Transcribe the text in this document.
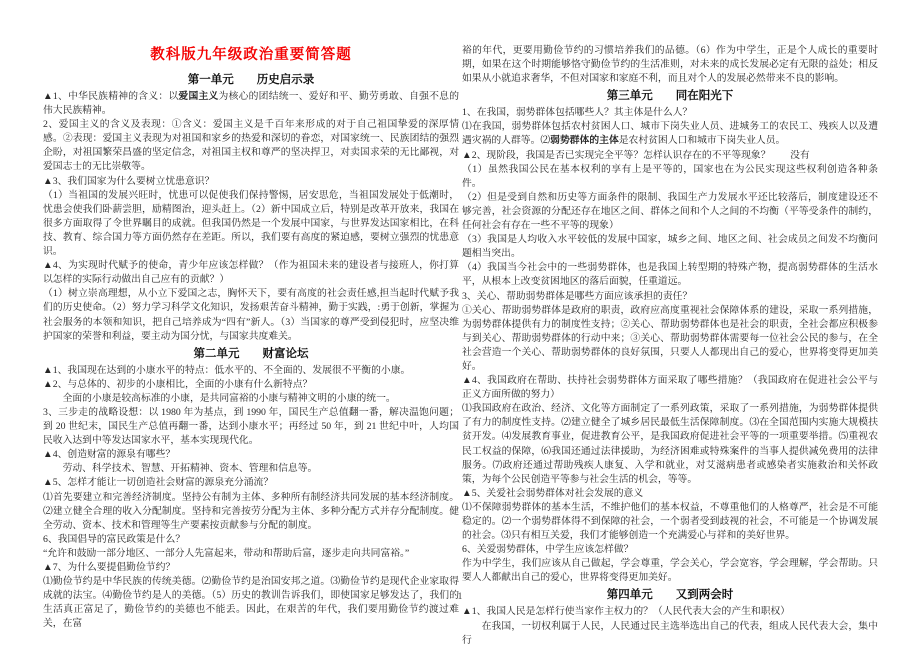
教科版九年级政治重要简答题
第一单元　　历史启示录

▲1、中华民族精神的含义：以爱国主义为核心的团结统一、爱好和平、勤劳勇敢、自强不息的伟大民族精神。

2、爱国主义的含义及表现：①含义：爱国主义是千百年来形成的对于自己祖国挚爱的深厚情感。②表现：爱国主义表现为对祖国和家乡的热爱和深切的眷恋，对国家统一、民族团结的强烈企盼，对祖国繁荣昌盛的坚定信念，对祖国主权和尊严的坚决捍卫，对卖国求荣的无比鄙视，对爱国志士的无比崇敬等。

▲3、我们国家为什么要树立忧患意识？

（1）当祖国的发展兴旺时，忧患可以促使我们保持警惕，居安思危，当祖国发展处于低潮时，忧患会使我们卧薪尝胆，励精图治，迎头赶上。（2）新中国成立后，特别是改革开放来，我国在很多方面取得了令世界瞩目的成就。但我国仍然是一个发展中国家，与世界发达国家相比，在科技、教育、综合国力等方面仍然存在差距。所以，我们要有高度的紧迫感，要树立强烈的忧患意识。

▲4、为实现时代赋予的使命，青少年应该怎样做？（作为祖国未来的建设者与接班人，你打算以怎样的实际行动做出自己应有的贡献？）

（1）树立崇高理想，从小立下爱国之志，胸怀天下，要有高度的社会责任感,担当起时代赋予我们的历史使命。（2）努力学习科学文化知识，发扬艰苦奋斗精神，勤于实践，:勇于创新，掌握为社会服务的本领和知识，把自己培养成为“四有”新人。（3）当国家的尊严受到侵犯时，应坚决维护国家的荣誉和利益，要主动为国分忧，与国家共度难关。

第二单元　　财富论坛

▲1、我国现在达到的小康水平的特点：低水平的、不全面的、发展很不平衡的小康。

▲2、与总体的、初步的小康相比，全面的小康有什么新特点？

全面的小康是较高标准的小康，是共同富裕的小康与精神文明的小康的统一。

3、三步走的战略设想：以 1980 年为基点，到 1990 年，国民生产总值翻一番，解决温饱问题；到 20 世纪末，国民生产总值再翻一番，达到小康水平；再经过 50 年，到 21 世纪中叶，人均国民收入达到中等发达国家水平，基本实现现代化。

▲4、创造财富的源泉有哪些？

劳动、科学技术、智慧、开拓精神、资本、管理和信息等。

▲5、怎样才能让一切创造社会财富的源泉充分涌流？

⑴首先要建立和完善经济制度。坚持公有制为主体、多种所有制经济共同发展的基本经济制度。⑵建立健全合理的收入分配制度。坚持和完善按劳分配为主体、多种分配方式并存分配制度。健全劳动、资本、技术和管理等生产要素按贡献参与分配的制度。

6、我国倡导的富民政策是什么？

“允许和鼓励一部分地区、一部分人先富起来，带动和帮助后富，逐步走向共同富裕。”

▲7、为什么要提倡勤俭节约？

⑴勤俭节约是中华民族的传统美德。⑵勤俭节约是治国安邦之道。⑶勤俭节约是现代企业家取得成就的法宝。⑷勤俭节约是人的美德。（5）历史的教训告诉我们，即使国家足够发达了，我们的生活真正富足了，勤俭节约的美德也不能丢。因此，在艰苦的年代，我们要用勤俭节约渡过难关，在富

裕的年代，更要用勤俭节约的习惯培养我们的品德。（6）作为中学生，正是个人成长的重要时期，如果在这个时期能够恪守勤俭节约的生活准则，对未来的成长发展必定有无限的益处；相反如果从小就追求奢华，不但对国家和家庭不利，而且对个人的发展必然带来不良的影响。

第三单元　　同在阳光下

1、在我国，弱势群体包括哪些人？其主体是什么人？

⑴在我国，弱势群体包括农村贫困人口、城市下岗失业人员、进城务工的农民工、残疾人以及遭遇灾祸的人群等。⑵弱势群体的主体是农村贫困人口和城市下岗失业人员。

▲2、现阶段，我国是否已实现完全平等？怎样认识存在的不平等现象？　　没有

（1）虽然我国公民在基本权利的享有上是平等的，国家也在为公民实现这些权利创造各种条件。

（2）但是受到自然和历史等方面条件的限制、我国生产力发展水平还比较落后，制度建设还不够完善，社会资源的分配还存在地区之间、群体之间和个人之间的不均衡（平等受条件的制约，任何社会有存在一些不平等的现象）

（3）我国是人均收入水平较低的发展中国家，城乡之间、地区之间、社会成员之间发不均衡问题相当突出。

（4）我国当今社会中的一些弱势群体，也是我国上转型期的特殊产物，提高弱势群体的生活水平，从根本上改变贫困地区的落后面貌，任重道远。

3、关心、帮助弱势群体是哪些方面应该承担的责任？

①关心、帮助弱势群体是政府的职责，政府应高度重视社会保障体系的建设，采取一系列措施，为弱势群体提供有力的制度性支持；②关心、帮助弱势群体也是社会的职责，全社会都应积极参与到关心、帮助弱势群体的行动中来；③关心、帮助弱势群体需要每一位社会公民的参与，在全社会营造一个关心、帮助弱势群体的良好氛围，只要人人都现出自己的爱心，世界将变得更加美好。

▲4、我国政府在帮助、扶持社会弱势群体方面采取了哪些措施？（我国政府在促进社会公平与正义方面所做的努力）

⑴我国政府在政治、经济、文化等方面制定了一系列政策，采取了一系列措施，为弱势群体提供了有力的制度性支持。⑵建立健全了城乡居民最低生活保障制度。⑶在全国范围内实施大规模扶贫开发。⑷发展教育事业，促进教育公平，是我国政府促进社会平等的一项重要举措。⑸重视农民工权益的保障，⑹我国还通过法律援助，为经济困难或特殊案件的当事人提供减免费用的法律服务。⑺政府还通过帮助残疾人康复、入学和就业，对艾滋病患者或感染者实施救治和关怀政策，为每个公民创造平等参与社会生活的机会，等等。

▲5、关爱社会弱势群体对社会发展的意义

⑴不保障弱势群体的基本生活，不维护他们的基本权益，不尊重他们的人格尊严，社会是不可能稳定的。⑵一个弱势群体得不到保障的社会，一个弱者受到歧视的社会，不可能是一个协调发展的社会。⑶只有相互关爱，我们才能够创造一个充满爱心与祥和的美好世界。

6、关爱弱势群体，中学生应该怎样做？

作为中学生，我们应该从自己做起，学会尊重，学会关心，学会宽容，学会理解，学会帮助。只要人人都献出自己的爱心，世界将变得更加美好。

第四单元　　又到两会时

▲1、我国人民是怎样行使当家作主权力的？（人民代表大会的产生和职权）

在我国，一切权利属于人民，人民通过民主选举选出自己的代表，组成人民代表大会，集中行

1
